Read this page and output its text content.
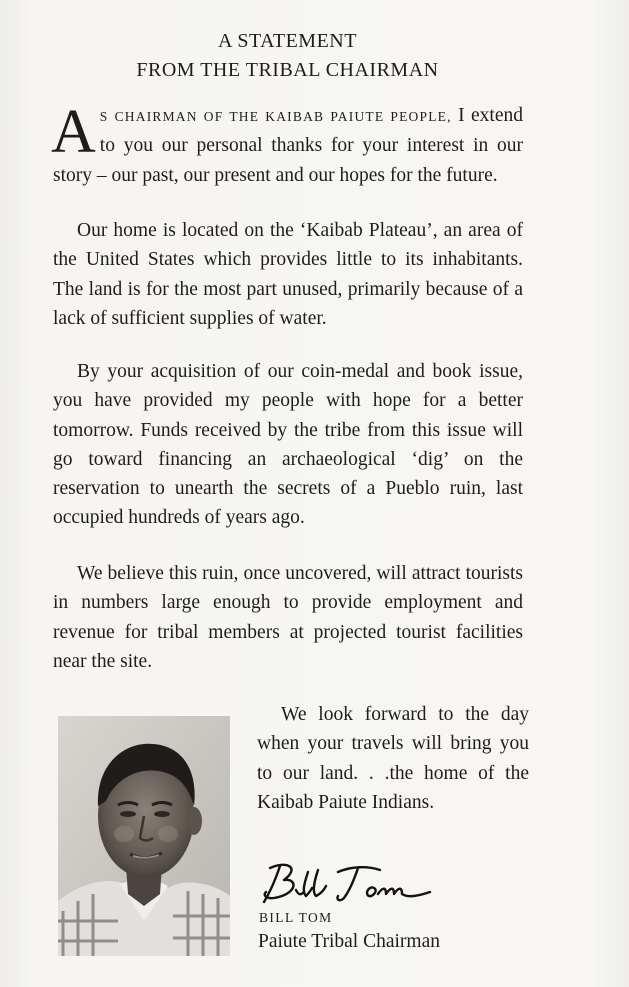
A STATEMENT
FROM THE TRIBAL CHAIRMAN
A S CHAIRMAN OF THE KAIBAB PAIUTE PEOPLE, I extend to you our personal thanks for your interest in our story – our past, our present and our hopes for the future.
Our home is located on the ‘Kaibab Plateau’, an area of the United States which provides little to its inhabitants. The land is for the most part unused, primarily because of a lack of sufficient supplies of water.
By your acquisition of our coin-medal and book issue, you have provided my people with hope for a better tomorrow. Funds received by the tribe from this issue will go toward financing an archaeological ‘dig’ on the reservation to unearth the secrets of a Pueblo ruin, last occupied hundreds of years ago.
We believe this ruin, once uncovered, will attract tourists in numbers large enough to provide employment and revenue for tribal members at projected tourist facilities near the site.
We look forward to the day when your travels will bring you to our land. . .the home of the Kaibab Paiute Indians.
BILL TOM
Paiute Tribal Chairman
